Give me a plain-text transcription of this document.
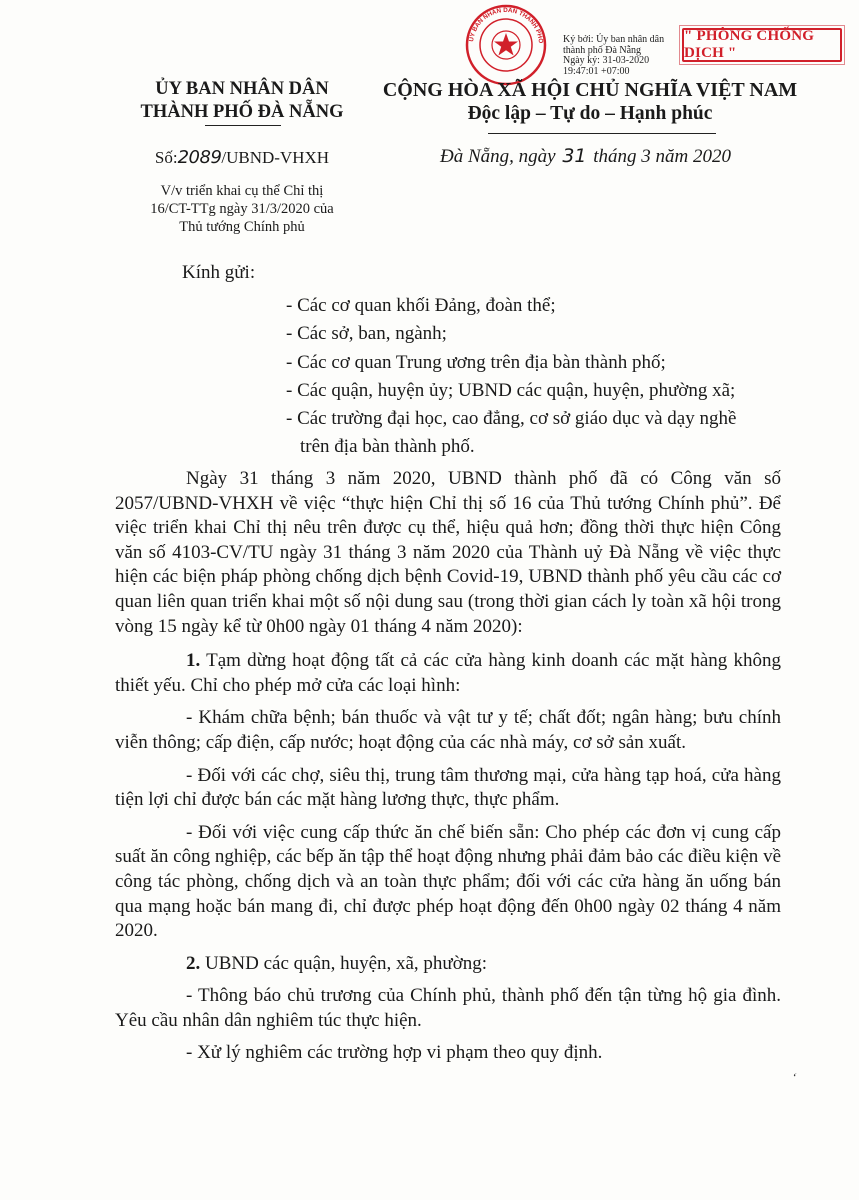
ỦY BAN NHÂN DÂN THÀNH PHỐ Ký bởi: Ủy ban nhân dân thành phố Đà Nẵng
Ngày ký: 31-03-2020
19:47:01 +07:00
" PHÒNG CHỐNG DỊCH "
ỦY BAN NHÂN DÂN
THÀNH PHỐ ĐÀ NẴNG
CỘNG HÒA XÃ HỘI CHỦ NGHĨA VIỆT NAM
Độc lập – Tự do – Hạnh phúc
Số:2089/UBND-VHXH	Đà Nẵng, ngày 31 tháng 3 năm 2020
V/v triển khai cụ thể Chỉ thị
16/CT-TTg ngày 31/3/2020 của
Thủ tướng Chính phủ
Kính gửi:
- Các cơ quan khối Đảng, đoàn thể;
- Các sở, ban, ngành;
- Các cơ quan Trung ương trên địa bàn thành phố;
- Các quận, huyện ủy; UBND các quận, huyện, phường xã;
- Các trường đại học, cao đẳng, cơ sở giáo dục và dạy nghề
trên địa bàn thành phố.

Ngày 31 tháng 3 năm 2020, UBND thành phố đã có Công văn số 2057/UBND-VHXH về việc “thực hiện Chỉ thị số 16 của Thủ tướng Chính phủ”. Để việc triển khai Chỉ thị nêu trên được cụ thể, hiệu quả hơn; đồng thời thực hiện Công văn số 4103-CV/TU ngày 31 tháng 3 năm 2020 của Thành uỷ Đà Nẵng về việc thực hiện các biện pháp phòng chống dịch bệnh Covid-19, UBND thành phố yêu cầu các cơ quan liên quan triển khai một số nội dung sau (trong thời gian cách ly toàn xã hội trong vòng 15 ngày kể từ 0h00 ngày 01 tháng 4 năm 2020):

1. Tạm dừng hoạt động tất cả các cửa hàng kinh doanh các mặt hàng không thiết yếu. Chỉ cho phép mở cửa các loại hình:

- Khám chữa bệnh; bán thuốc và vật tư y tế; chất đốt; ngân hàng; bưu chính viễn thông; cấp điện, cấp nước; hoạt động của các nhà máy, cơ sở sản xuất.

- Đối với các chợ, siêu thị, trung tâm thương mại, cửa hàng tạp hoá, cửa hàng tiện lợi chỉ được bán các mặt hàng lương thực, thực phẩm.

- Đối với việc cung cấp thức ăn chế biến sẵn: Cho phép các đơn vị cung cấp suất ăn công nghiệp, các bếp ăn tập thể hoạt động nhưng phải đảm bảo các điều kiện về công tác phòng, chống dịch và an toàn thực phẩm; đối với các cửa hàng ăn uống bán qua mạng hoặc bán mang đi, chỉ được phép hoạt động đến 0h00 ngày 02 tháng 4 năm 2020.

2. UBND các quận, huyện, xã, phường:

- Thông báo chủ trương của Chính phủ, thành phố đến tận từng hộ gia đình. Yêu cầu nhân dân nghiêm túc thực hiện.

- Xử lý nghiêm các trường hợp vi phạm theo quy định.

‘
